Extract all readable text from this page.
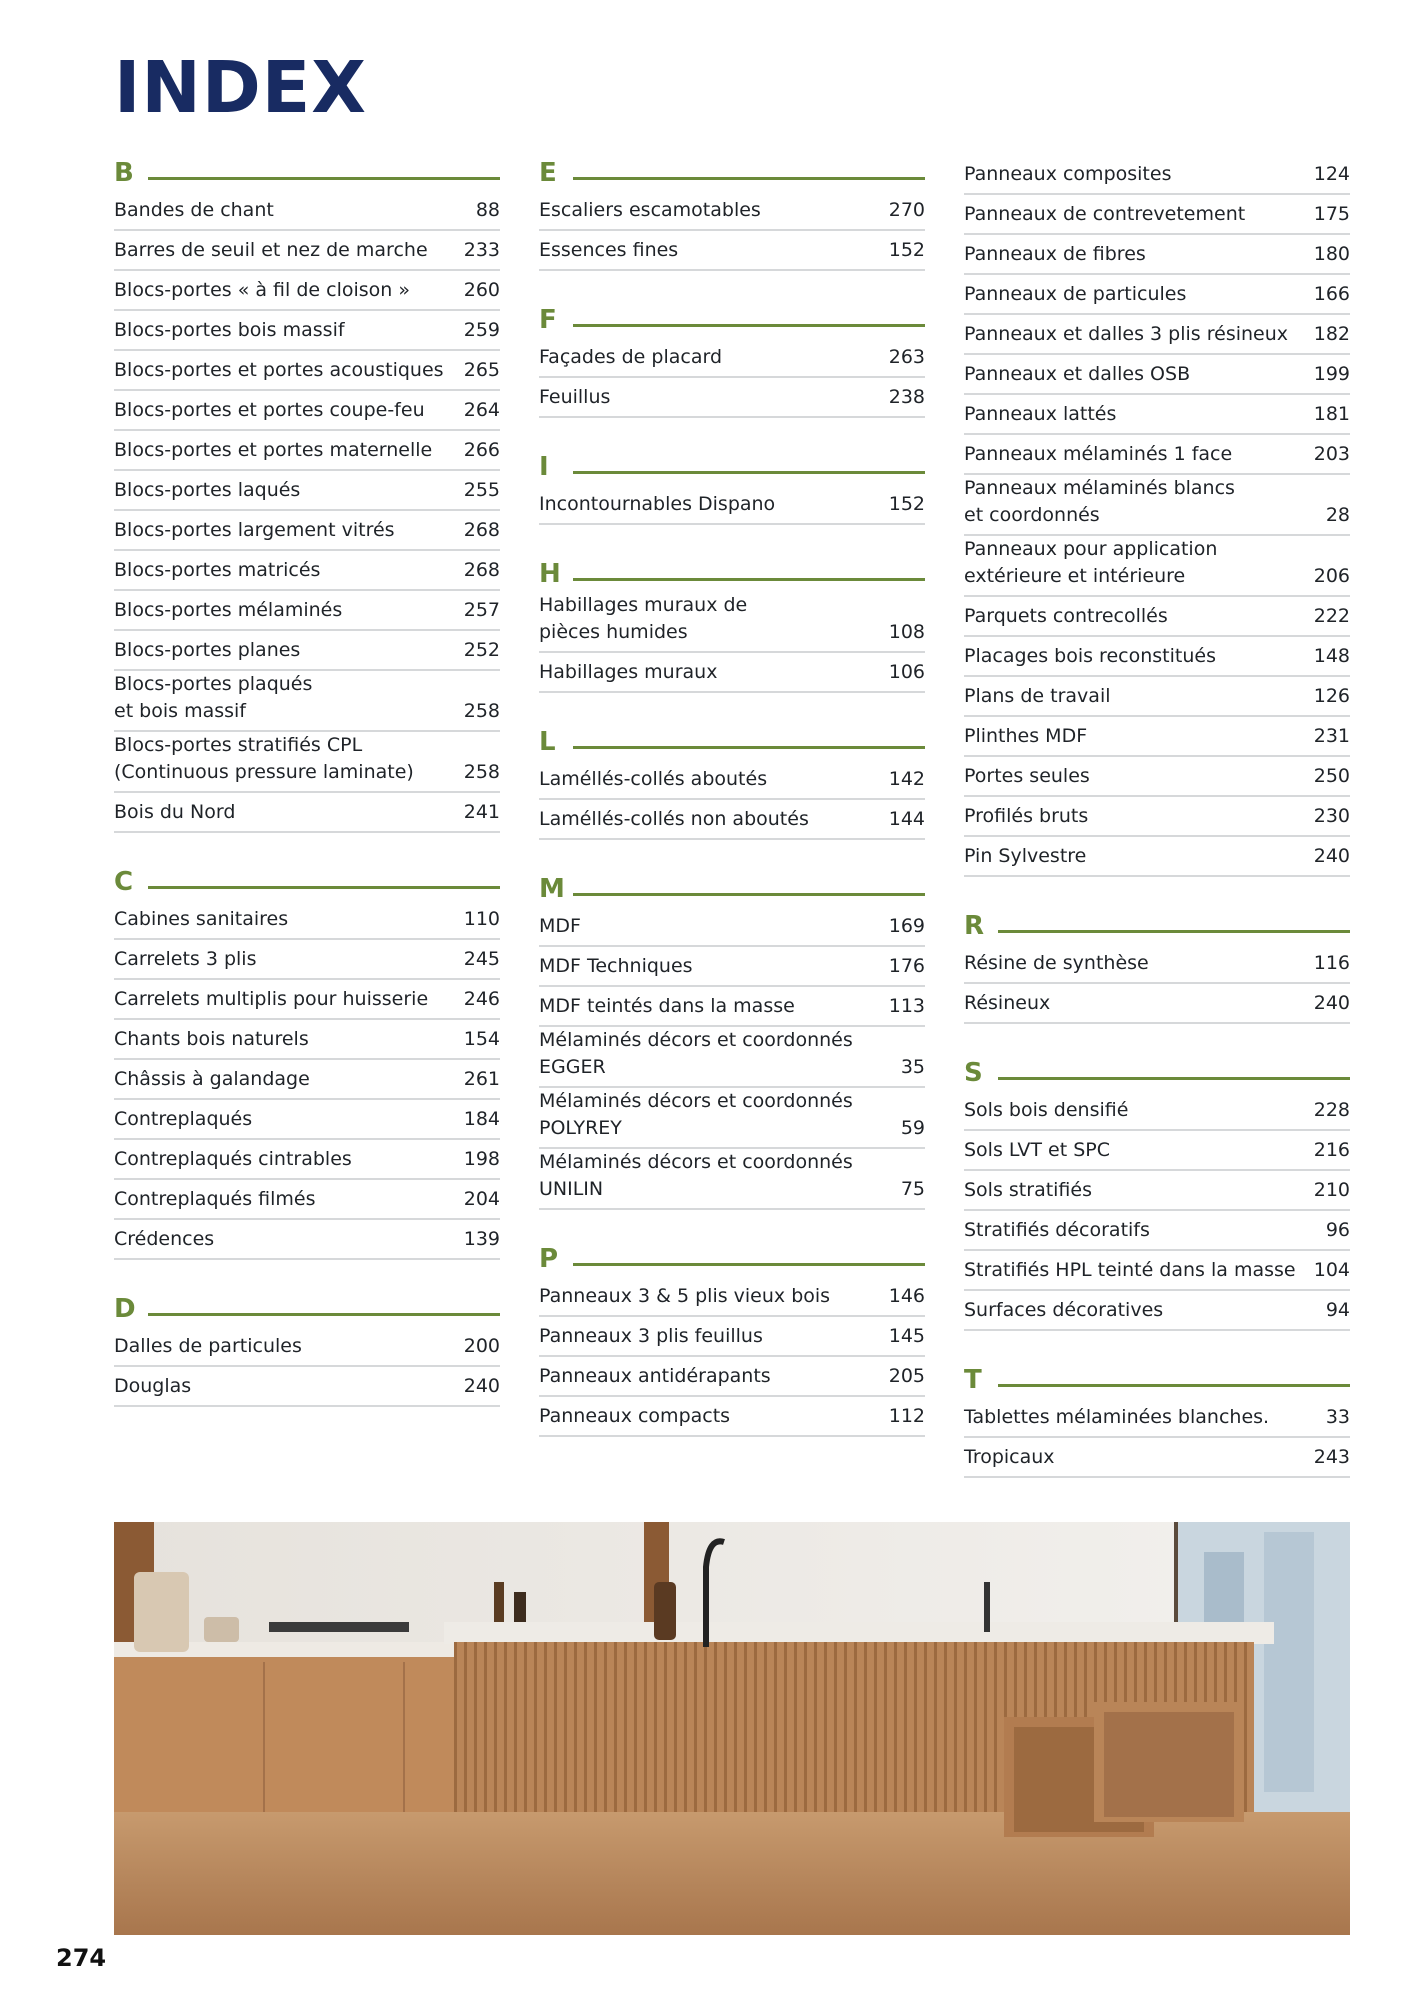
INDEX
B
Bandes de chant	88
Barres de seuil et nez de marche	233
Blocs-portes « à fil de cloison »	260
Blocs-portes bois massif	259
Blocs-portes et portes acoustiques	265
Blocs-portes et portes coupe-feu	264
Blocs-portes et portes maternelle	266
Blocs-portes laqués	255
Blocs-portes largement vitrés	268
Blocs-portes matricés	268
Blocs-portes mélaminés	257
Blocs-portes planes	252
Blocs-portes plaqués
et bois massif	258
Blocs-portes stratifiés CPL
(Continuous pressure laminate)	258
Bois du Nord	241
C
Cabines sanitaires	110
Carrelets 3 plis	245
Carrelets multiplis pour huisserie	246
Chants bois naturels	154
Châssis à galandage	261
Contreplaqués	184
Contreplaqués cintrables	198
Contreplaqués filmés	204
Crédences	139
D
Dalles de particules	200
Douglas	240
E
Escaliers escamotables	270
Essences fines	152
F
Façades de placard	263
Feuillus	238
I
Incontournables Dispano	152
H
Habillages muraux de
pièces humides	108
Habillages muraux	106
L
Laméllés-collés aboutés	142
Laméllés-collés non aboutés	144
M
MDF	169
MDF Techniques	176
MDF teintés dans la masse	113
Mélaminés décors et coordonnés
EGGER	35
Mélaminés décors et coordonnés
POLYREY	59
Mélaminés décors et coordonnés
UNILIN	75
P
Panneaux 3 & 5 plis vieux bois	146
Panneaux 3 plis feuillus	145
Panneaux antidérapants	205
Panneaux compacts	112
Panneaux composites	124
Panneaux de contrevetement	175
Panneaux de fibres	180
Panneaux de particules	166
Panneaux et dalles 3 plis résineux	182
Panneaux et dalles OSB	199
Panneaux lattés	181
Panneaux mélaminés 1 face	203
Panneaux mélaminés blancs
et coordonnés	28
Panneaux pour application
extérieure et intérieure	206
Parquets contrecollés	222
Placages bois reconstitués	148
Plans de travail	126
Plinthes MDF	231
Portes seules	250
Profilés bruts	230
Pin Sylvestre	240
R
Résine de synthèse	116
Résineux	240
S
Sols bois densifié	228
Sols LVT et SPC	216
Sols stratifiés	210
Stratifiés décoratifs	96
Stratifiés HPL teinté dans la masse 104
Surfaces décoratives	94
T
Tablettes mélaminées blanches.	33
Tropicaux	243
274
